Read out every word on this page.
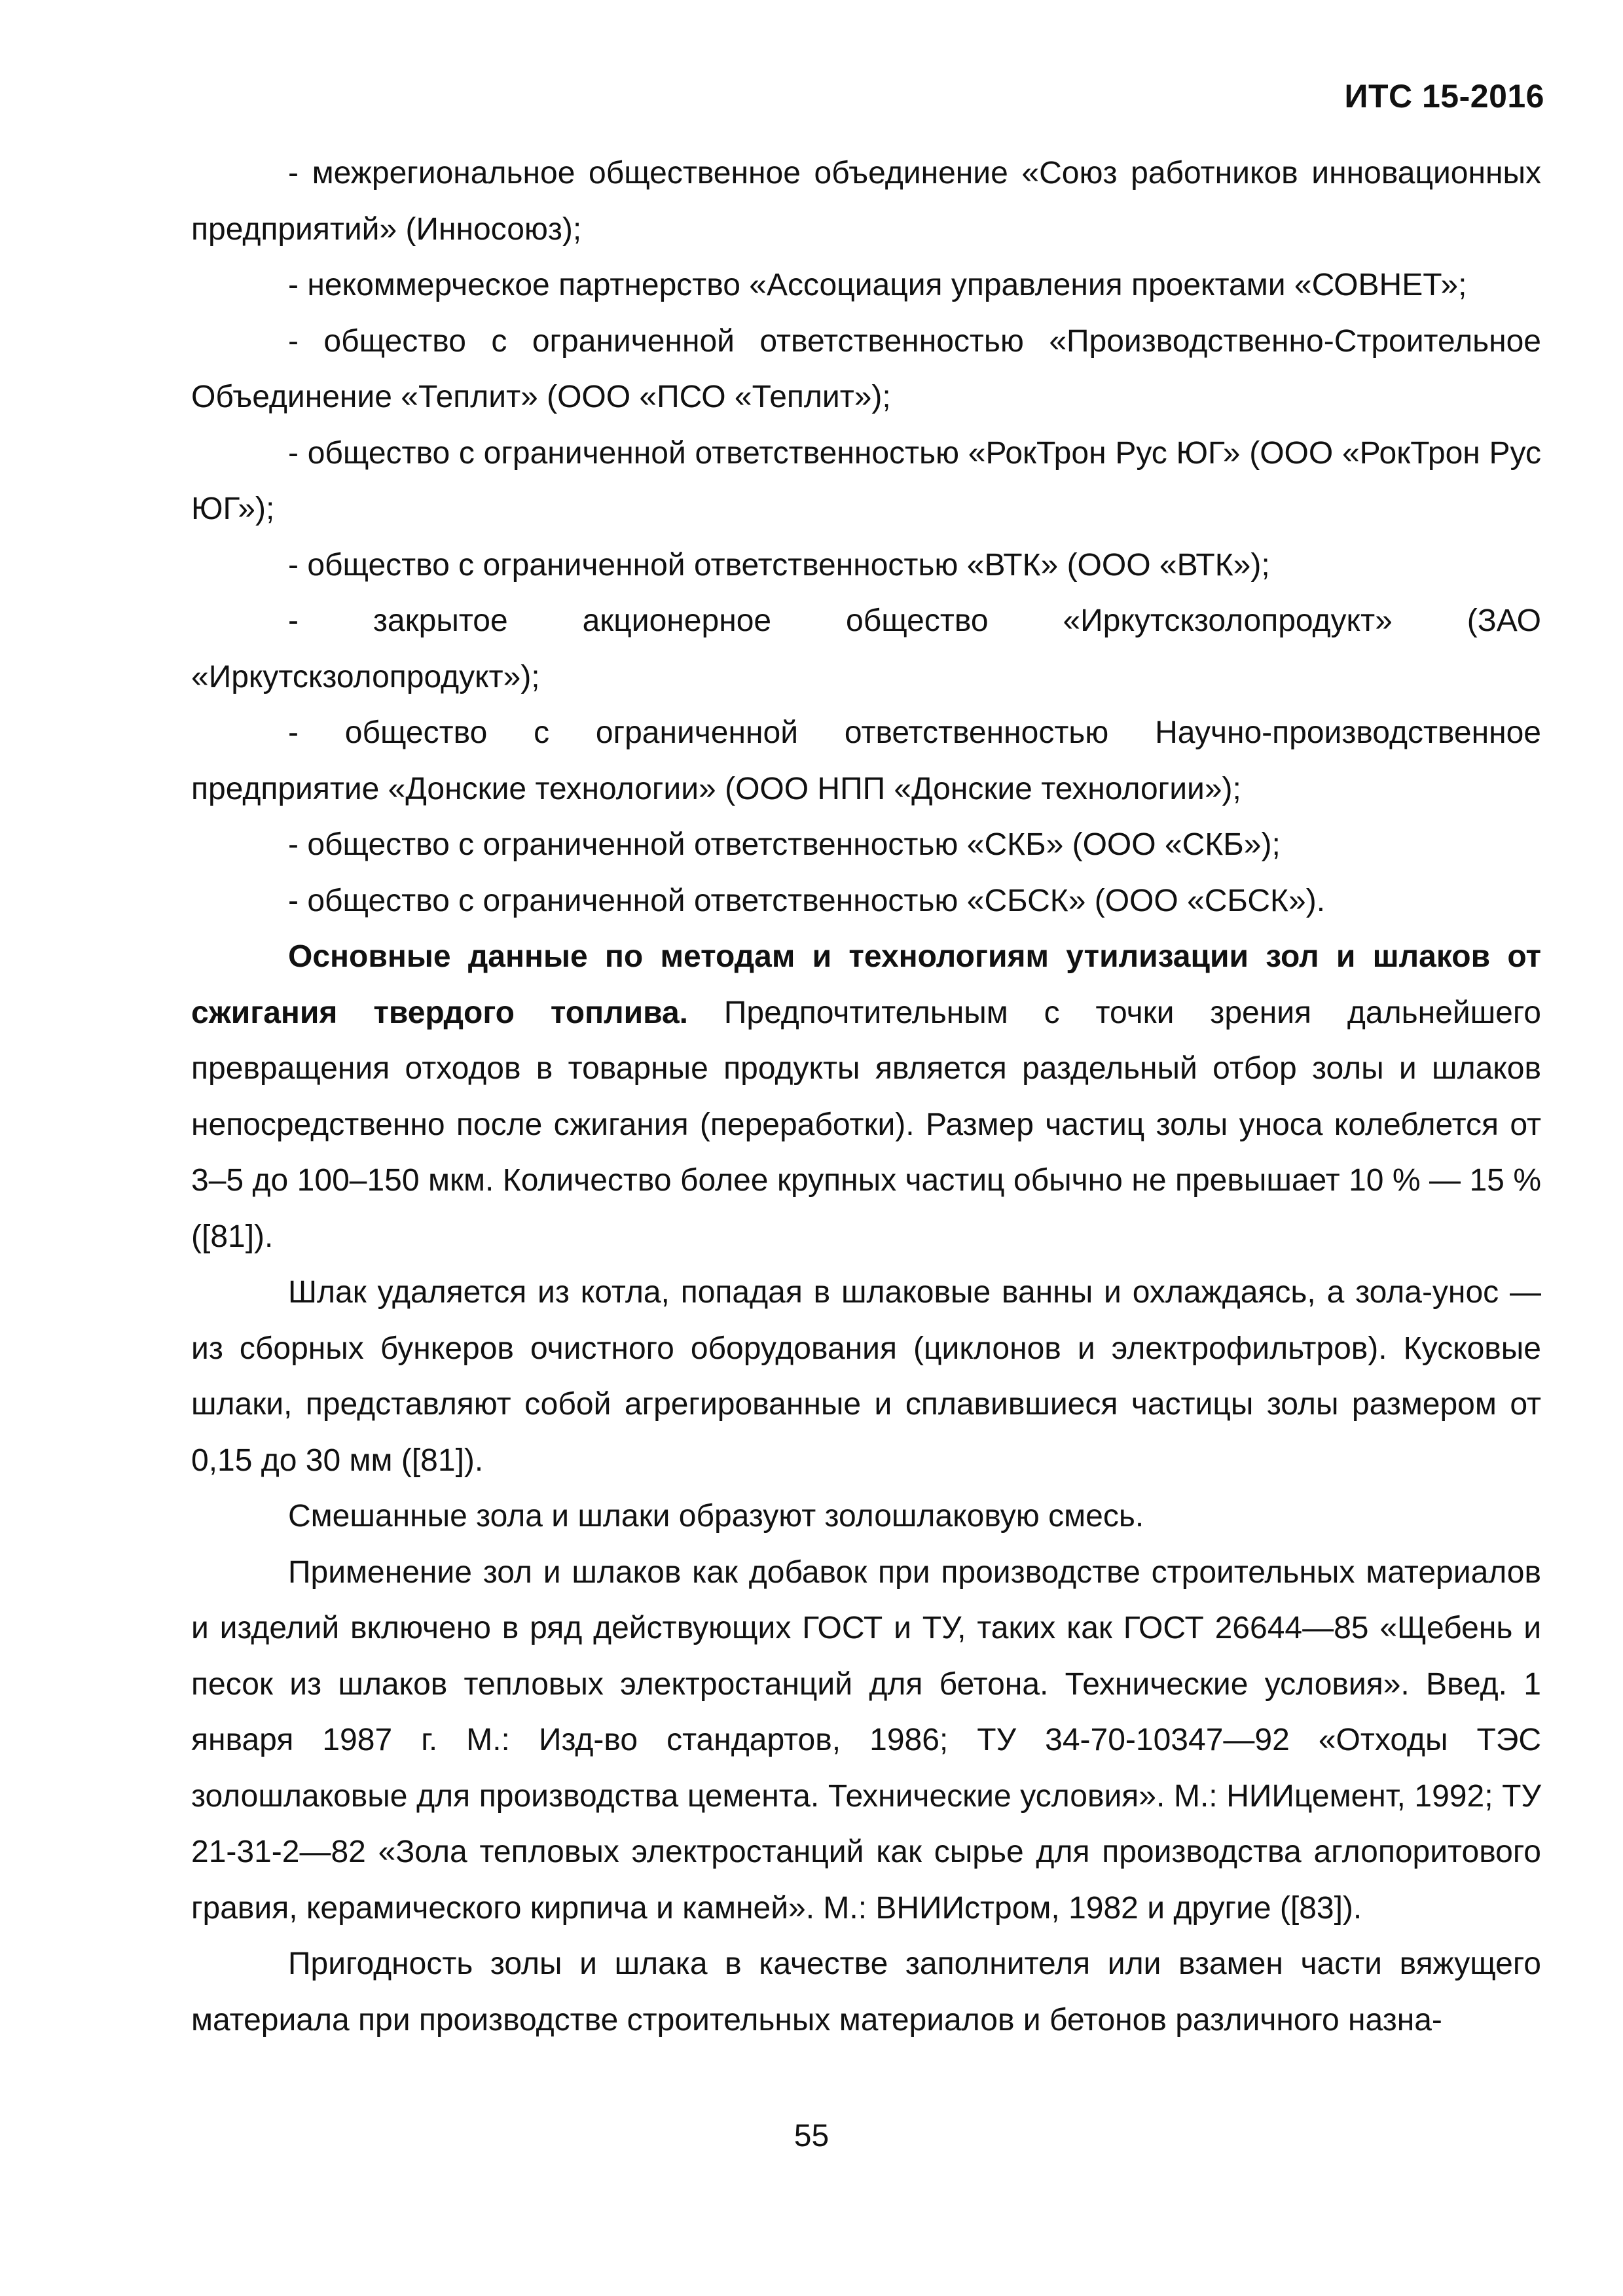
ИТС 15-2016

- межрегиональное общественное объединение «Союз работников инновационных предприятий» (Инносоюз);

- некоммерческое партнерство «Ассоциация управления проектами «СОВНЕТ»;

- общество с ограниченной ответственностью «Производственно-Строительное Объединение «Теплит» (ООО «ПСО «Теплит»);

- общество с ограниченной ответственностью «РокТрон Рус ЮГ» (ООО «РокТрон Рус ЮГ»);

- общество с ограниченной ответственностью «ВТК» (ООО «ВТК»);

- закрытое акционерное общество «Иркутскзолопродукт» (ЗАО «Иркутскзолопродукт»);

- общество с ограниченной ответственностью Научно-производственное предприятие «Донские технологии» (ООО НПП «Донские технологии»);

- общество с ограниченной ответственностью «СКБ» (ООО «СКБ»);

- общество с ограниченной ответственностью «СБСК» (ООО «СБСК»).

Основные данные по методам и технологиям утилизации зол и шлаков от сжигания твердого топлива. Предпочтительным с точки зрения дальнейшего превращения отходов в товарные продукты является раздельный отбор золы и шлаков непосредственно после сжигания (переработки). Размер частиц золы уноса колеблется от 3–5 до 100–150 мкм. Количество более крупных частиц обычно не превышает 10 % — 15 % ([81]).

Шлак удаляется из котла, попадая в шлаковые ванны и охлаждаясь, а зола-унос — из сборных бункеров очистного оборудования (циклонов и электрофильтров). Кусковые шлаки, представляют собой агрегированные и сплавившиеся частицы золы размером от 0,15 до 30 мм ([81]).

Смешанные зола и шлаки образуют золошлаковую смесь.

Применение зол и шлаков как добавок при производстве строительных материалов и изделий включено в ряд действующих ГОСТ и ТУ, таких как ГОСТ 26644—85 «Щебень и песок из шлаков тепловых электростанций для бетона. Технические условия». Введ. 1 января 1987 г. М.: Изд-во стандартов, 1986; ТУ 34-70-10347—92 «Отходы ТЭС золошлаковые для производства цемента. Технические условия». М.: НИИцемент, 1992; ТУ 21-31-2—82 «Зола тепловых электростанций как сырье для производства аглопоритового гравия, керамического кирпича и камней». М.: ВНИИстром, 1982 и другие ([83]).

Пригодность золы и шлака в качестве заполнителя или взамен части вяжущего материала при производстве строительных материалов и бетонов различного назна-

55
